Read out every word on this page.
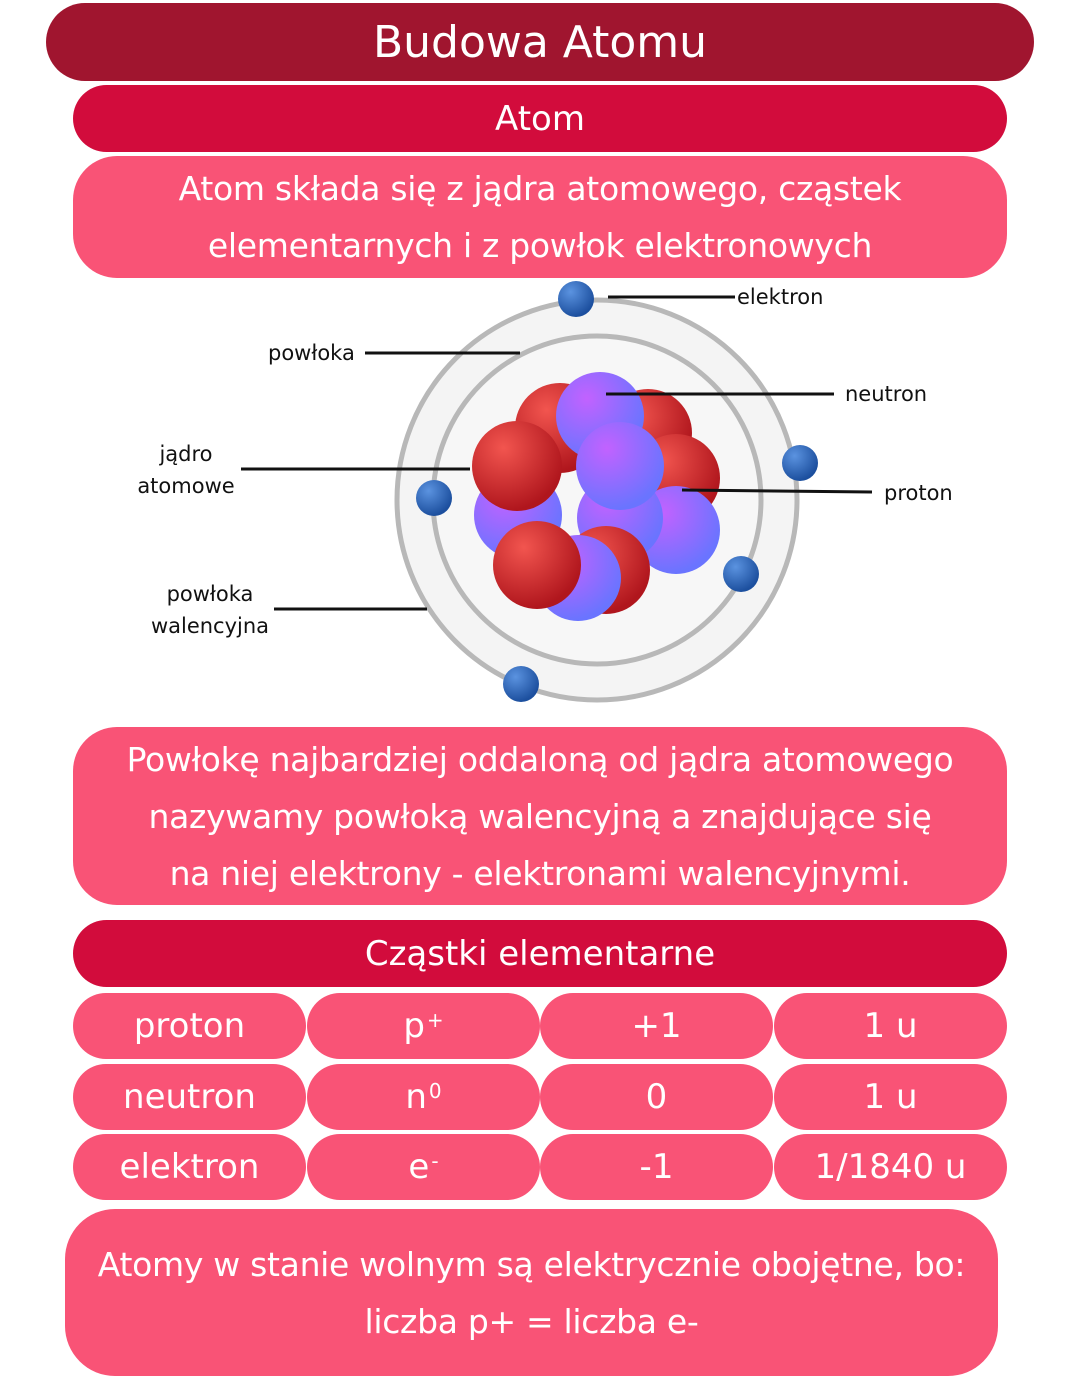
Budowa Atomu
Atom
Atom składa się z jądra atomowego, cząstek
elementarnych i z powłok elektronowych
elektron
powłoka
neutron
jądro
atomowe	proton
powłoka
walencyjna
Powłokę najbardziej oddaloną od jądra atomowego
nazywamy powłoką walencyjną a znajdujące się
na niej elektrony - elektronami walencyjnymi.
Cząstki elementarne
proton	p+	+1	1 u
neutron	$n^0$	0	1 u
elektron	e-	-1	1/1840 u
Atomy w stanie wolnym są elektrycznie obojętne, bo:
liczba p+ = liczba e-
